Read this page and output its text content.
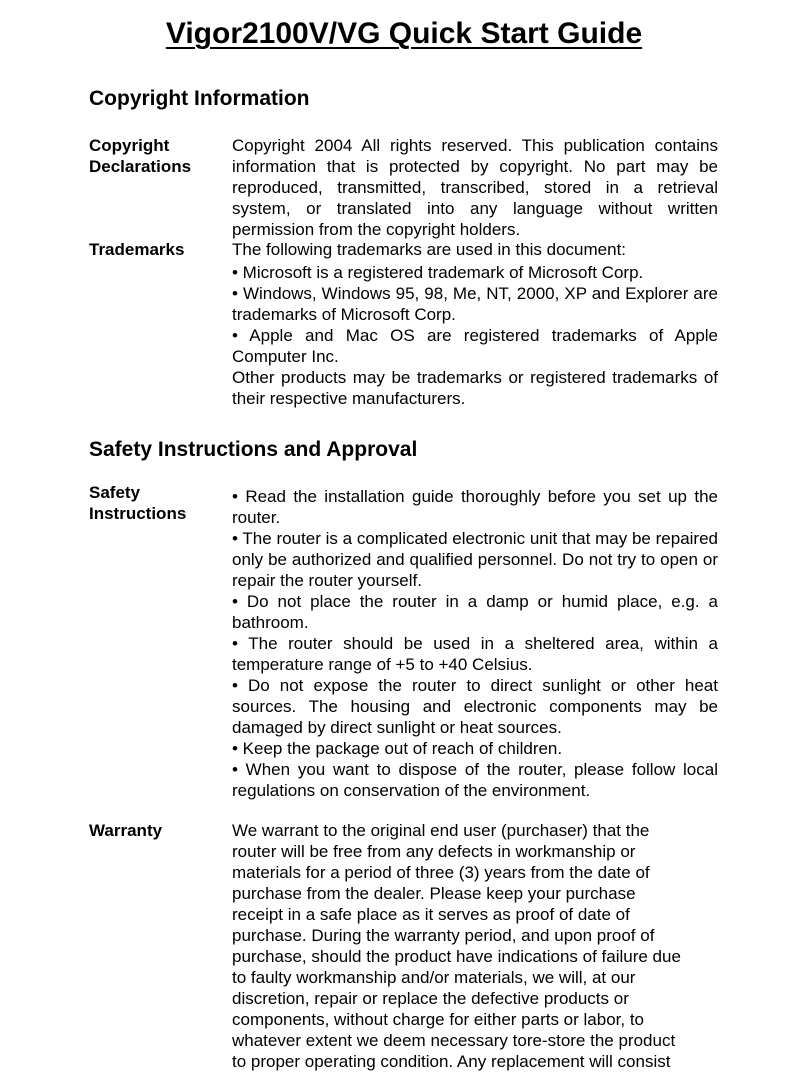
Vigor2100V/VG Quick Start Guide
Copyright Information
Copyright
Declarations

Copyright 2004 All rights reserved. This publication contains information that is protected by copyright. No part may be reproduced, transmitted, transcribed, stored in a retrieval system, or translated into any language without written permission from the copyright holders.

Trademarks	The following trademarks are used in this document:

• Microsoft is a registered trademark of Microsoft Corp.

• Windows, Windows 95, 98, Me, NT, 2000, XP and Explorer are trademarks of Microsoft Corp.

• Apple and Mac OS are registered trademarks of Apple Computer Inc.

Other products may be trademarks or registered trademarks of their respective manufacturers.

Safety Instructions and Approval
Safety
Instructions

• Read the installation guide thoroughly before you set up the router.

• The router is a complicated electronic unit that may be repaired only be authorized and qualified personnel. Do not try to open or repair the router yourself.

• Do not place the router in a damp or humid place, e.g. a bathroom.

• The router should be used in a sheltered area, within a temperature range of +5 to +40 Celsius.

• Do not expose the router to direct sunlight or other heat sources. The housing and electronic components may be damaged by direct sunlight or heat sources.

• Keep the package out of reach of children.

• When you want to dispose of the router, please follow local regulations on conservation of the environment.

Warranty	We warrant to the original end user (purchaser) that the
router will be free from any defects in workmanship or
materials for a period of three (3) years from the date of
purchase from the dealer. Please keep your purchase
receipt in a safe place as it serves as proof of date of
purchase. During the warranty period, and upon proof of
purchase, should the product have indications of failure due
to faulty workmanship and/or materials, we will, at our
discretion, repair or replace the defective products or
components, without charge for either parts or labor, to
whatever extent we deem necessary tore-store the product
to proper operating condition. Any replacement will consist
